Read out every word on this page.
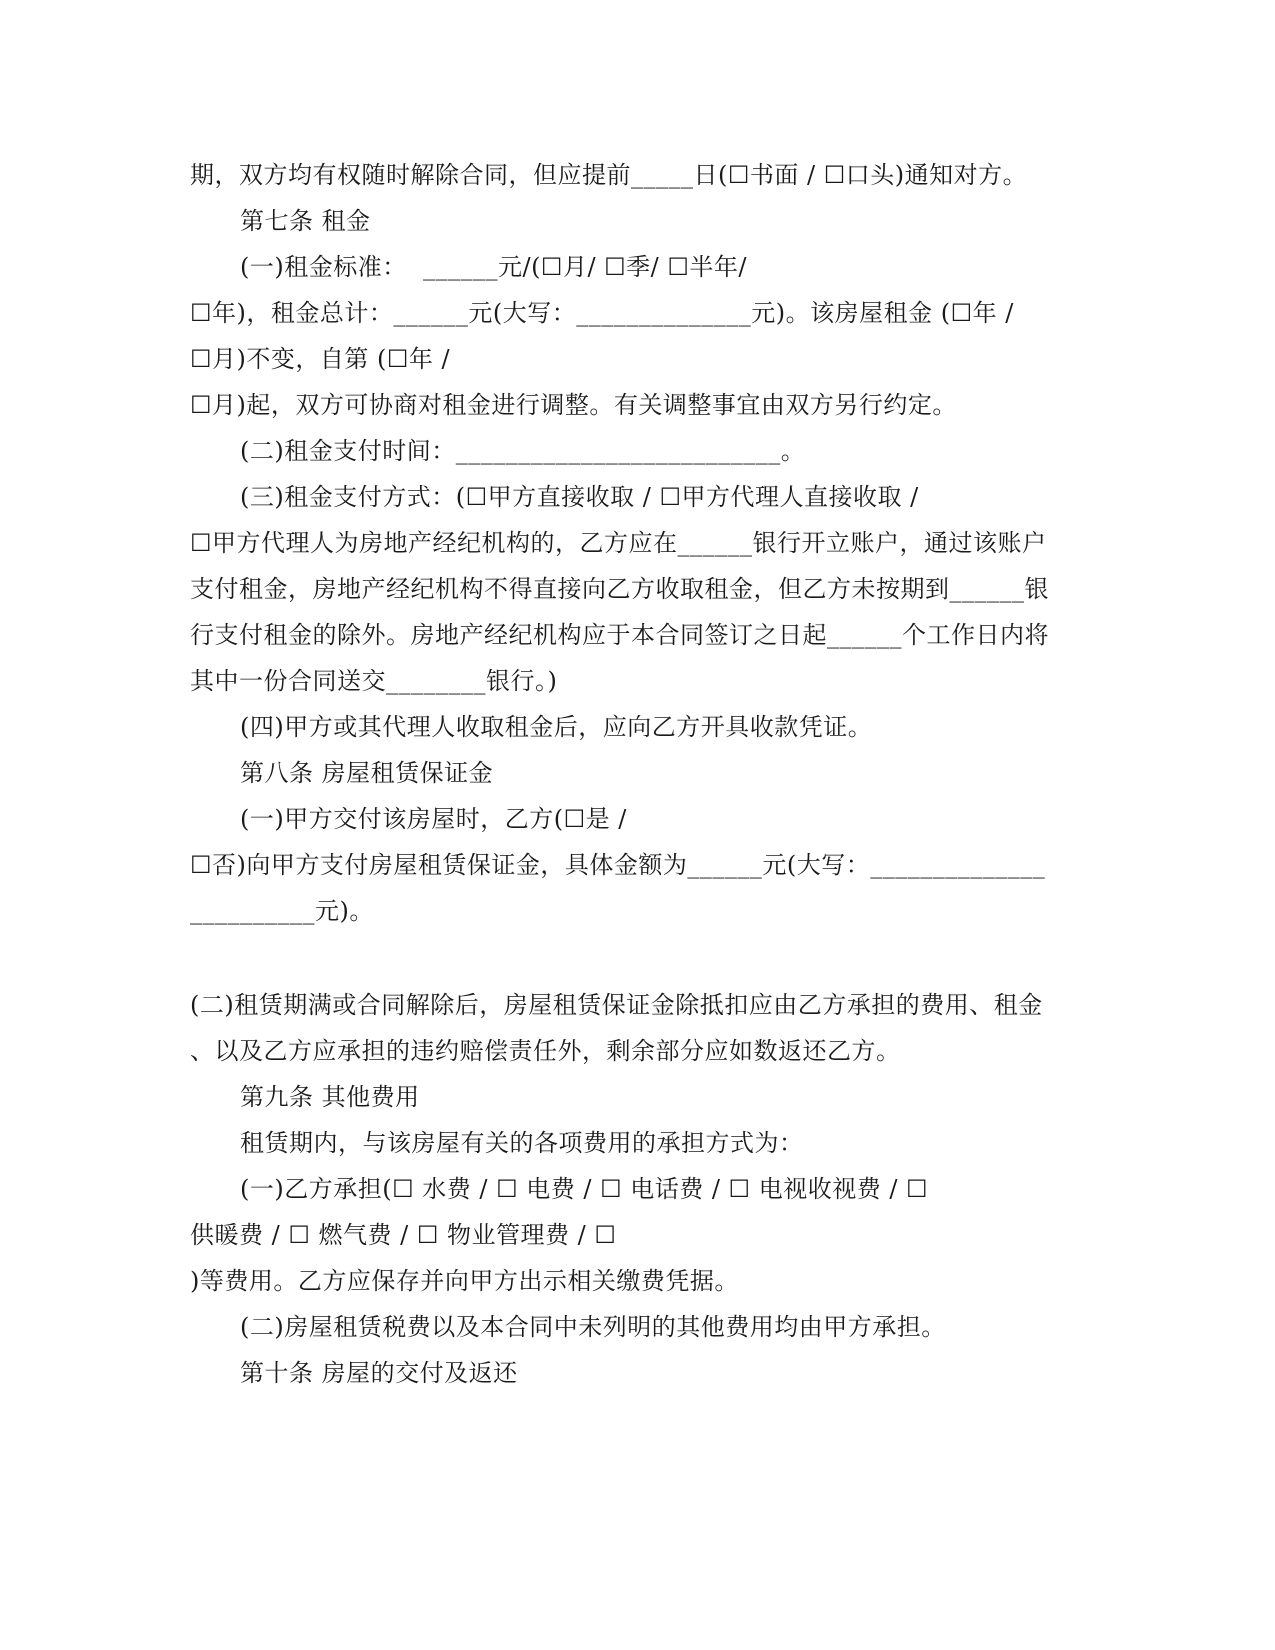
期，双方均有权随时解除合同，但应提前_____日(☐书面 / ☐口头)通知对方。
第七条 租金
(一)租金标准：  ______元/(☐月/ ☐季/ ☐半年/
☐年)，租金总计：______元(大写：______________元)。该房屋租金 (☐年 /
☐月)不变，自第 (☐年 /
☐月)起，双方可协商对租金进行调整。有关调整事宜由双方另行约定。
(二)租金支付时间：__________________________。
(三)租金支付方式：(☐甲方直接收取 / ☐甲方代理人直接收取 /
☐甲方代理人为房地产经纪机构的，乙方应在______银行开立账户，通过该账户
支付租金，房地产经纪机构不得直接向乙方收取租金，但乙方未按期到______银
行支付租金的除外。房地产经纪机构应于本合同签订之日起______个工作日内将
其中一份合同送交________银行。)
(四)甲方或其代理人收取租金后，应向乙方开具收款凭证。
第八条 房屋租赁保证金
(一)甲方交付该房屋时，乙方(☐是 /
☐否)向甲方支付房屋租赁保证金，具体金额为______元(大写：______________
__________元)。
(二)租赁期满或合同解除后，房屋租赁保证金除抵扣应由乙方承担的费用、租金
、以及乙方应承担的违约赔偿责任外，剩余部分应如数返还乙方。
第九条 其他费用
租赁期内，与该房屋有关的各项费用的承担方式为：
(一)乙方承担(☐ 水费 / ☐ 电费 / ☐ 电话费 / ☐ 电视收视费 / ☐
供暖费 / ☐ 燃气费 / ☐ 物业管理费 / ☐
)等费用。乙方应保存并向甲方出示相关缴费凭据。
(二)房屋租赁税费以及本合同中未列明的其他费用均由甲方承担。
第十条 房屋的交付及返还
